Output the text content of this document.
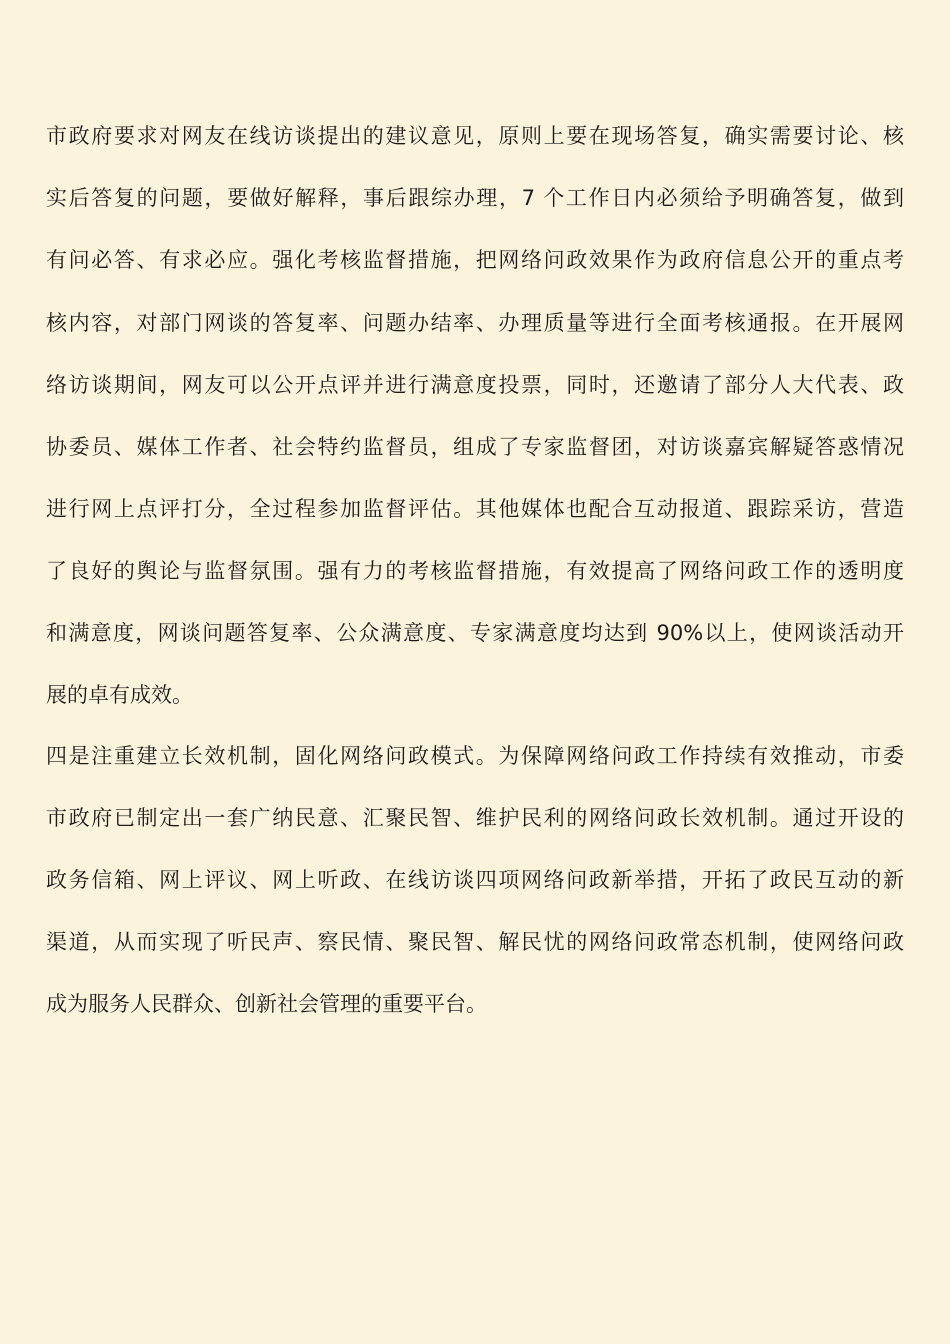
市政府要求对网友在线访谈提出的建议意见，原则上要在现场答复，确实需要讨论、核
实后答复的问题，要做好解释，事后跟综办理，7 个工作日内必须给予明确答复，做到
有问必答、有求必应。强化考核监督措施，把网络问政效果作为政府信息公开的重点考
核内容，对部门网谈的答复率、问题办结率、办理质量等进行全面考核通报。在开展网
络访谈期间，网友可以公开点评并进行满意度投票，同时，还邀请了部分人大代表、政
协委员、媒体工作者、社会特约监督员，组成了专家监督团，对访谈嘉宾解疑答惑情况
进行网上点评打分，全过程参加监督评估。其他媒体也配合互动报道、跟踪采访，营造
了良好的舆论与监督氛围。强有力的考核监督措施，有效提高了网络问政工作的透明度
和满意度，网谈问题答复率、公众满意度、专家满意度均达到 90%以上，使网谈活动开
展的卓有成效。
四是注重建立长效机制，固化网络问政模式。为保障网络问政工作持续有效推动，市委
市政府已制定出一套广纳民意、汇聚民智、维护民利的网络问政长效机制。通过开设的
政务信箱、网上评议、网上听政、在线访谈四项网络问政新举措，开拓了政民互动的新
渠道，从而实现了听民声、察民情、聚民智、解民忧的网络问政常态机制，使网络问政
成为服务人民群众、创新社会管理的重要平台。
